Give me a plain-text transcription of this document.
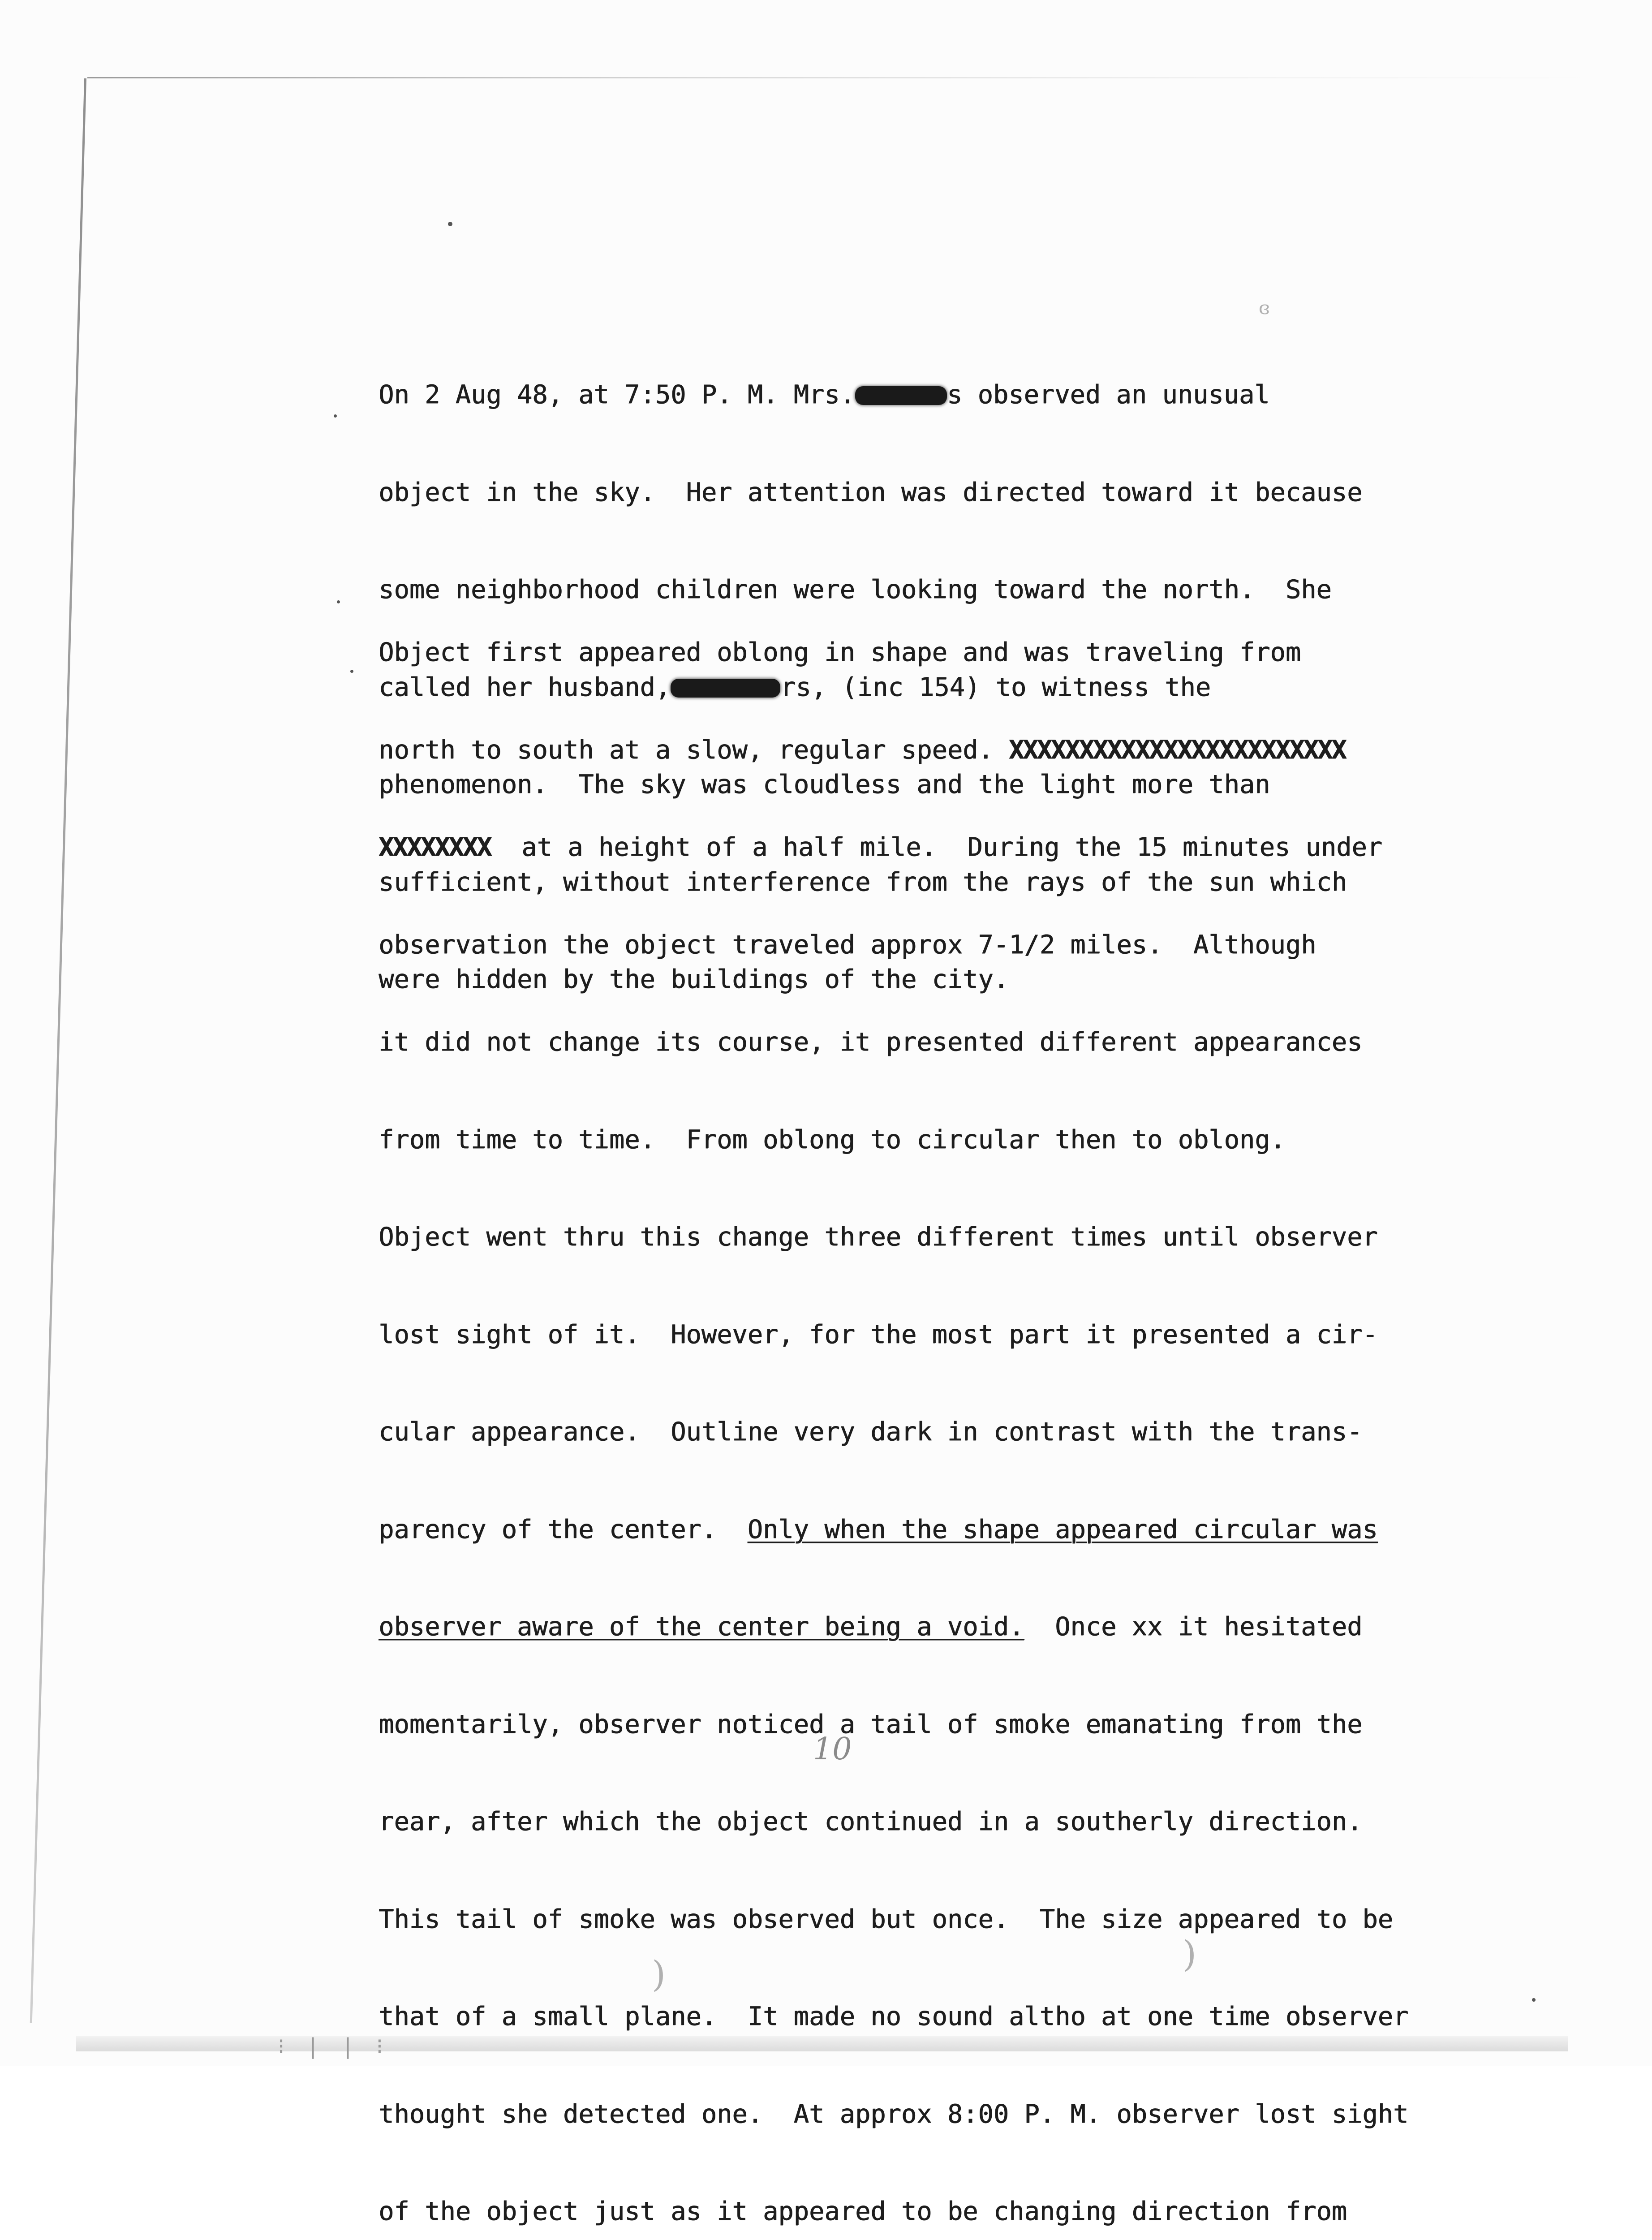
⁝ | | ⁝
ɞ
)	)

On 2 Aug 48, at 7:50 P. M. Mrs.	s observed an unusual

object in the sky.  Her attention was directed toward it because

some neighborhood children were looking toward the north.  She

called her husband,	rs, (inc 154) to witness the

phenomenon.  The sky was cloudless and the light more than

sufficient, without interference from the rays of the sun which

were hidden by the buildings of the city.

Object first appeared oblong in shape and was traveling from

north to south at a slow, regular speed. XXXXXXXXXXXXXXXXXXXXXXXX

XXXXXXXX  at a height of a half mile.  During the 15 minutes under

observation the object traveled approx 7-1/2 miles.  Although

it did not change its course, it presented different appearances

from time to time.  From oblong to circular then to oblong.

Object went thru this change three different times until observer

lost sight of it.  However, for the most part it presented a cir-

cular appearance.  Outline very dark in contrast with the trans-

parency of the center.  Only when the shape appeared circular was

observer aware of the center being a void.  Once xx it hesitated

momentarily, observer noticed a tail of smoke emanating from the

rear, after which the object continued in a southerly direction.

This tail of smoke was observed but once.  The size appeared to be

that of a small plane.  It made no sound altho at one time observer

thought she detected one.  At approx 8:00 P. M. observer lost sight

of the object just as it appeared to be changing direction from

10
